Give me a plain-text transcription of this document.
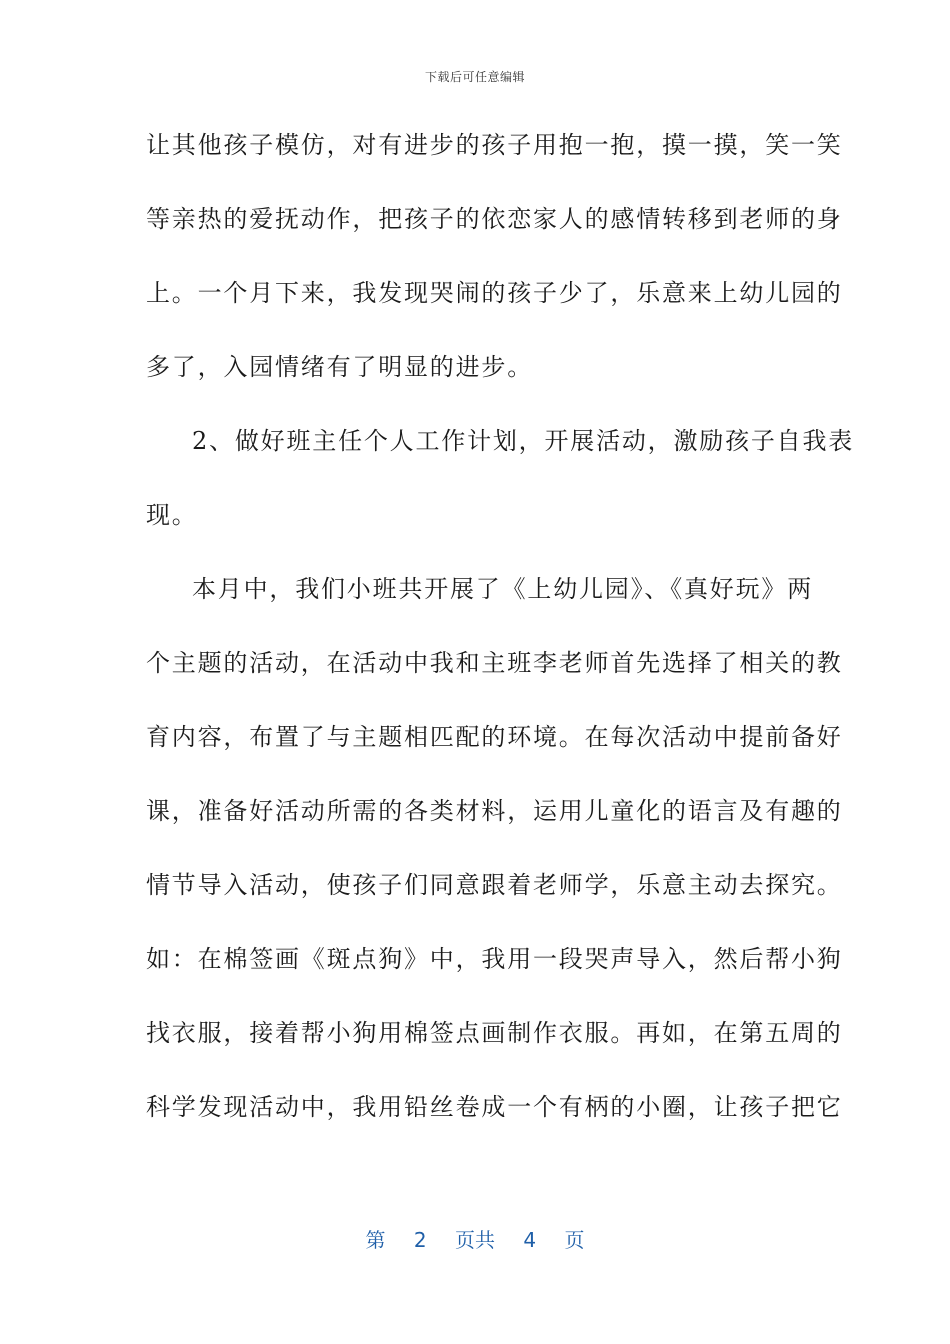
下载后可任意编辑
让其他孩子模仿，对有进步的孩子用抱一抱，摸一摸，笑一笑
等亲热的爱抚动作，把孩子的依恋家人的感情转移到老师的身
上。一个月下来，我发现哭闹的孩子少了，乐意来上幼儿园的
多了，入园情绪有了明显的进步。
2、做好班主任个人工作计划，开展活动，激励孩子自我表
现。
本月中，我们小班共开展了《上幼儿园》、《真好玩》两
个主题的活动，在活动中我和主班李老师首先选择了相关的教
育内容，布置了与主题相匹配的环境。在每次活动中提前备好
课，准备好活动所需的各类材料，运用儿童化的语言及有趣的
情节导入活动，使孩子们同意跟着老师学，乐意主动去探究。
如：在棉签画《斑点狗》中，我用一段哭声导入，然后帮小狗
找衣服，接着帮小狗用棉签点画制作衣服。再如，在第五周的
科学发现活动中，我用铅丝卷成一个有柄的小圈，让孩子把它
第 2 页共 4 页
